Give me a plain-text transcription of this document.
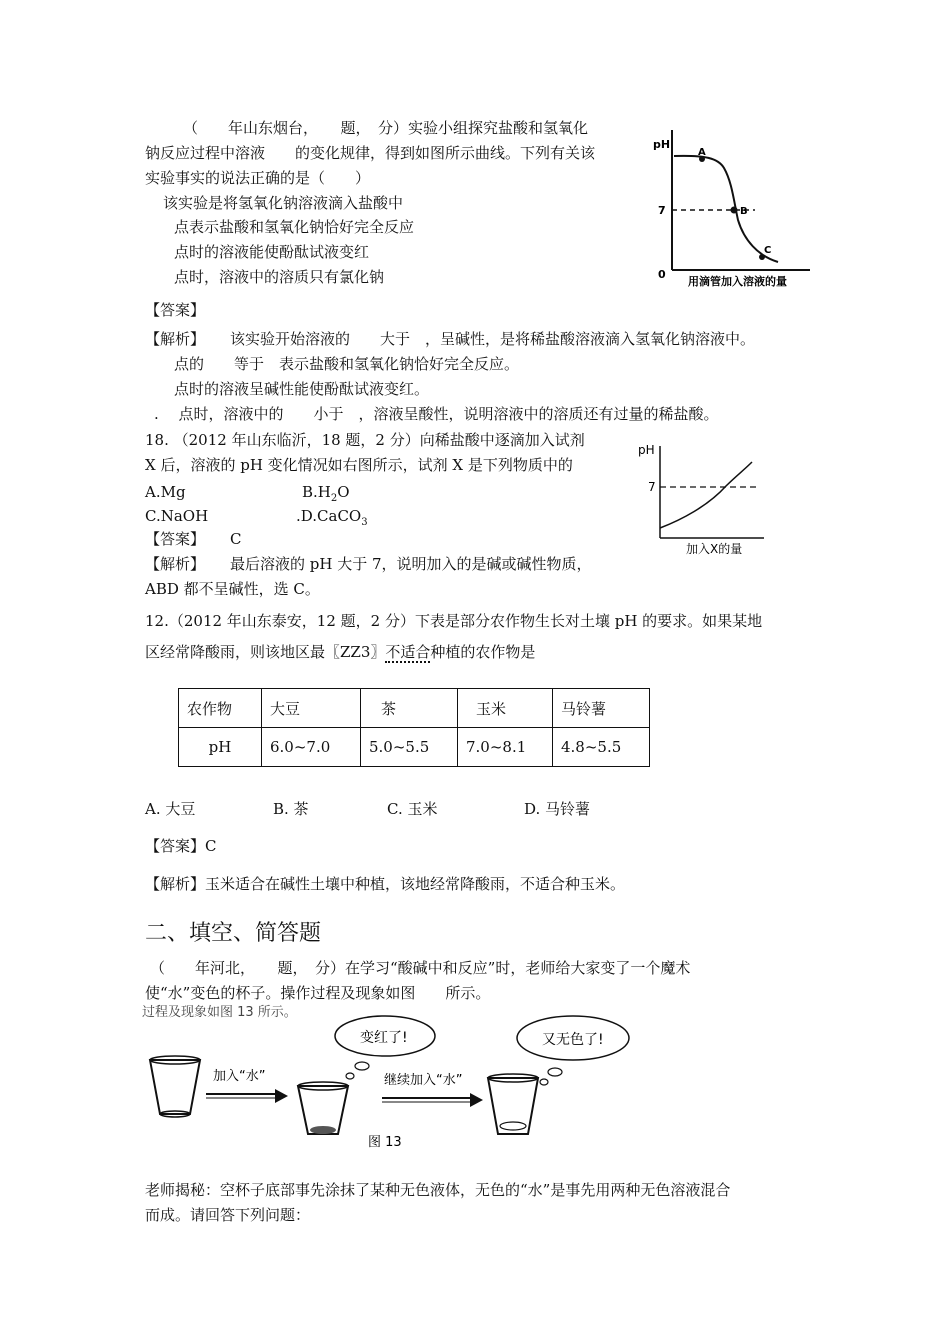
（　　年山东烟台，　　题，　分）实验小组探究盐酸和氢氧化
钠反应过程中溶液　　的变化规律，得到如图所示曲线。下列有关该
实验事实的说法正确的是（　　）
该实验是将氢氧化钠溶液滴入盐酸中
点表示盐酸和氢氧化钠恰好完全反应
点时的溶液能使酚酞试液变红
点时，溶液中的溶质只有氯化钠
pH
7
0
A
B
C
用滴管加入溶液的量
【答案】
【解析】 该实验开始溶液的　　大于　，呈碱性，是将稀盐酸溶液滴入氢氧化钠溶液中。
点的　　等于　表示盐酸和氢氧化钠恰好完全反应。
点时的溶液呈碱性能使酚酞试液变红。
.　 点时，溶液中的　　小于　，溶液呈酸性，说明溶液中的溶质还有过量的稀盐酸。
18. （2012 年山东临沂，18 题，2 分）向稀盐酸中逐滴加入试剂
X 后，溶液的 pH 变化情况如右图所示，试剂 X 是下列物质中的
A.Mg	$B.H_2O$
C.NaOH	.D.CaCO$_3$
【答案】 C
【解析】 最后溶液的 pH 大于 7，说明加入的是碱或碱性物质，
ABD 都不呈碱性，选 C。
pH
7
加入X的量
12.（2012 年山东泰安，12 题，2 分）下表是部分农作物生长对土壤 pH 的要求。如果某地
区经常降酸雨，则该地区最〖ZZ3〗不适合种植的农作物是
农作物	大豆	茶	玉米	马铃薯
pH	6.0~7.0	5.0~5.5	7.0~8.1	4.8~5.5
A. 大豆	B. 茶	C. 玉米	D. 马铃薯
【答案】C
【解析】玉米适合在碱性土壤中种植，该地经常降酸雨，不适合种玉米。
二、填空、简答题
（　　年河北，　　题，　分）在学习“酸碱中和反应”时，老师给大家变了一个魔术
使“水”变色的杯子。操作过程及现象如图　　所示。
过程及现象如图 13 所示。
加入“水”
变红了!
继续加入“水”
又无色了!
图 13
老师揭秘：空杯子底部事先涂抹了某种无色液体，无色的“水”是事先用两种无色溶液混合
而成。请回答下列问题：
